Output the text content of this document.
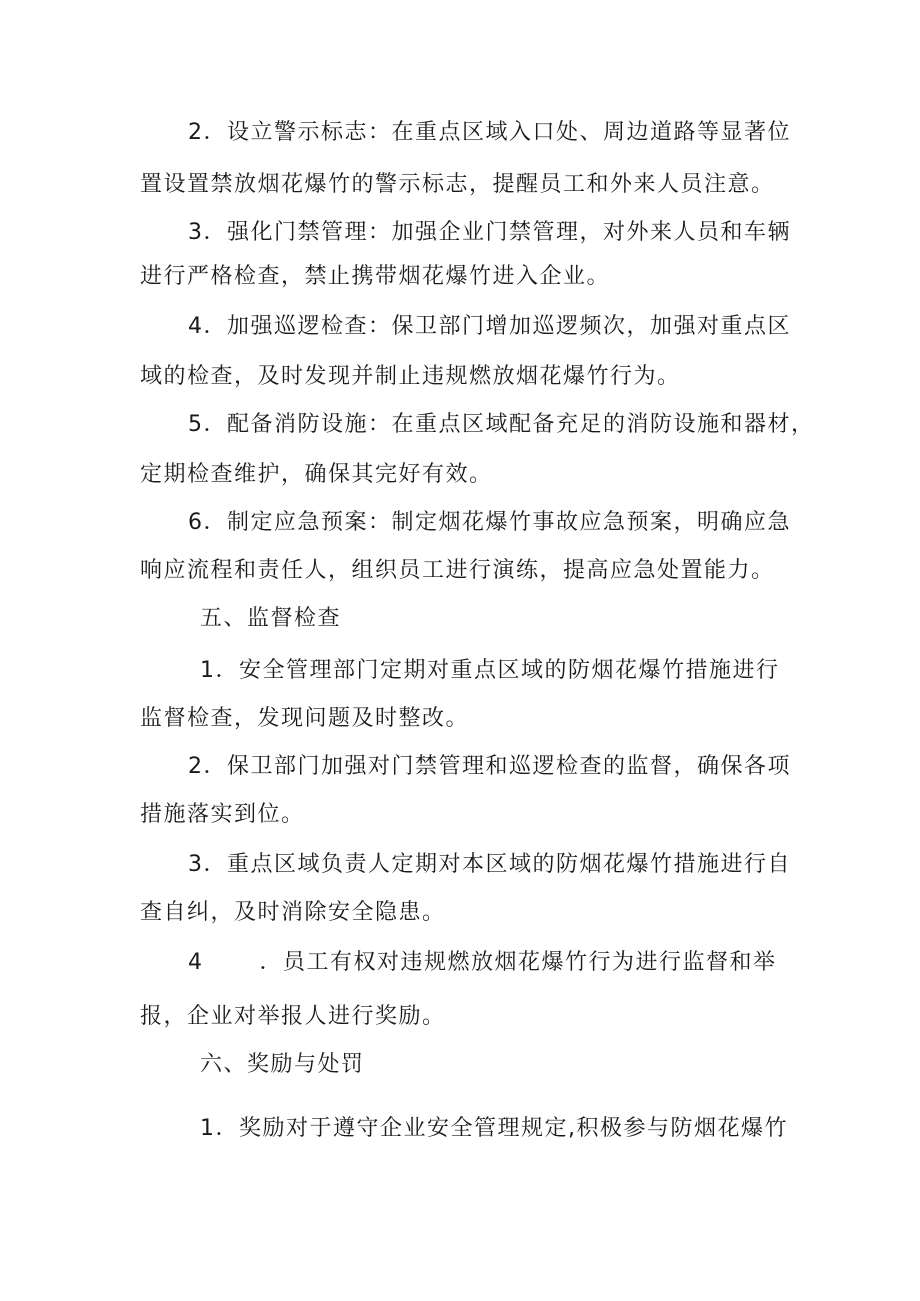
2．设立警示标志：在重点区域入口处、周边道路等显著位
置设置禁放烟花爆竹的警示标志，提醒员工和外来人员注意。
3．强化门禁管理：加强企业门禁管理，对外来人员和车辆
进行严格检查，禁止携带烟花爆竹进入企业。
4．加强巡逻检查：保卫部门增加巡逻频次，加强对重点区
域的检查，及时发现并制止违规燃放烟花爆竹行为。
5．配备消防设施：在重点区域配备充足的消防设施和器材，
定期检查维护，确保其完好有效。
6．制定应急预案：制定烟花爆竹事故应急预案，明确应急
响应流程和责任人，组织员工进行演练，提高应急处置能力。
五、监督检查
1．安全管理部门定期对重点区域的防烟花爆竹措施进行
监督检查，发现问题及时整改。
2．保卫部门加强对门禁管理和巡逻检查的监督，确保各项
措施落实到位。
3．重点区域负责人定期对本区域的防烟花爆竹措施进行自
查自纠，及时消除安全隐患。
4	．员工有权对违规燃放烟花爆竹行为进行监督和举
报，企业对举报人进行奖励。
六、奖励与处罚
1．奖励对于遵守企业安全管理规定,积极参与防烟花爆竹
